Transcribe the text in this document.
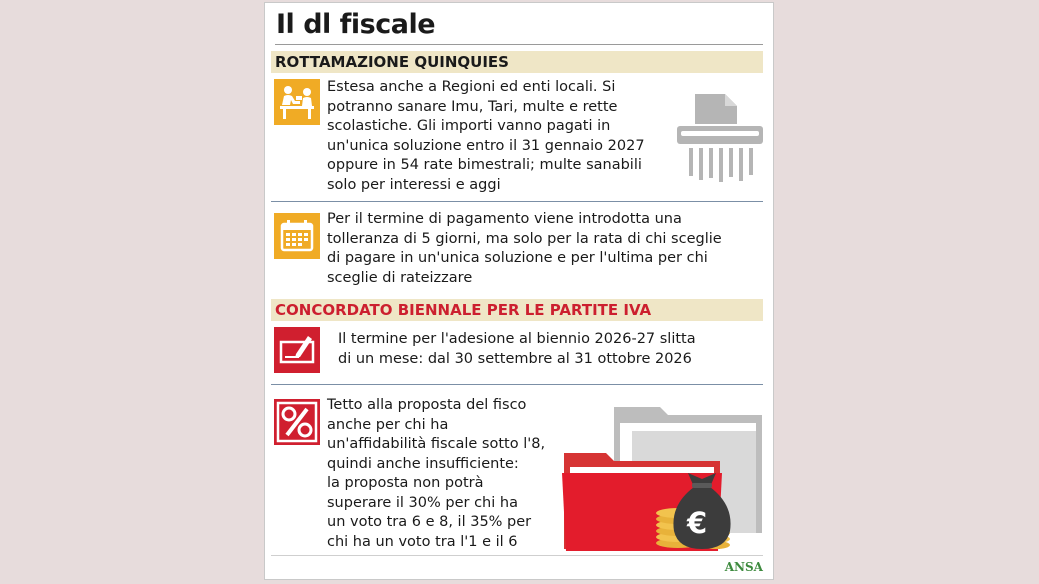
Il dl fiscale
ROTTAMAZIONE QUINQUIES
Estesa anche a Regioni ed enti locali. Si
potranno sanare Imu, Tari, multe e rette
scolastiche. Gli importi vanno pagati in
un'unica soluzione entro il 31 gennaio 2027
oppure in 54 rate bimestrali; multe sanabili
solo per interessi e aggi
Per il termine di pagamento viene introdotta una
tolleranza di 5 giorni, ma solo per la rata di chi sceglie
di pagare in un'unica soluzione e per l'ultima per chi
sceglie di rateizzare
CONCORDATO BIENNALE PER LE PARTITE IVA
Il termine per l'adesione al biennio 2026-27 slitta
di un mese: dal 30 settembre al 31 ottobre 2026
Tetto alla proposta del fisco
anche per chi ha
un'affidabilità fiscale sotto l'8,
quindi anche insufficiente:
la proposta non potrà
superare il 30% per chi ha
un voto tra 6 e 8, il 35% per
chi ha un voto tra l'1 e il 6
€
ANSA
